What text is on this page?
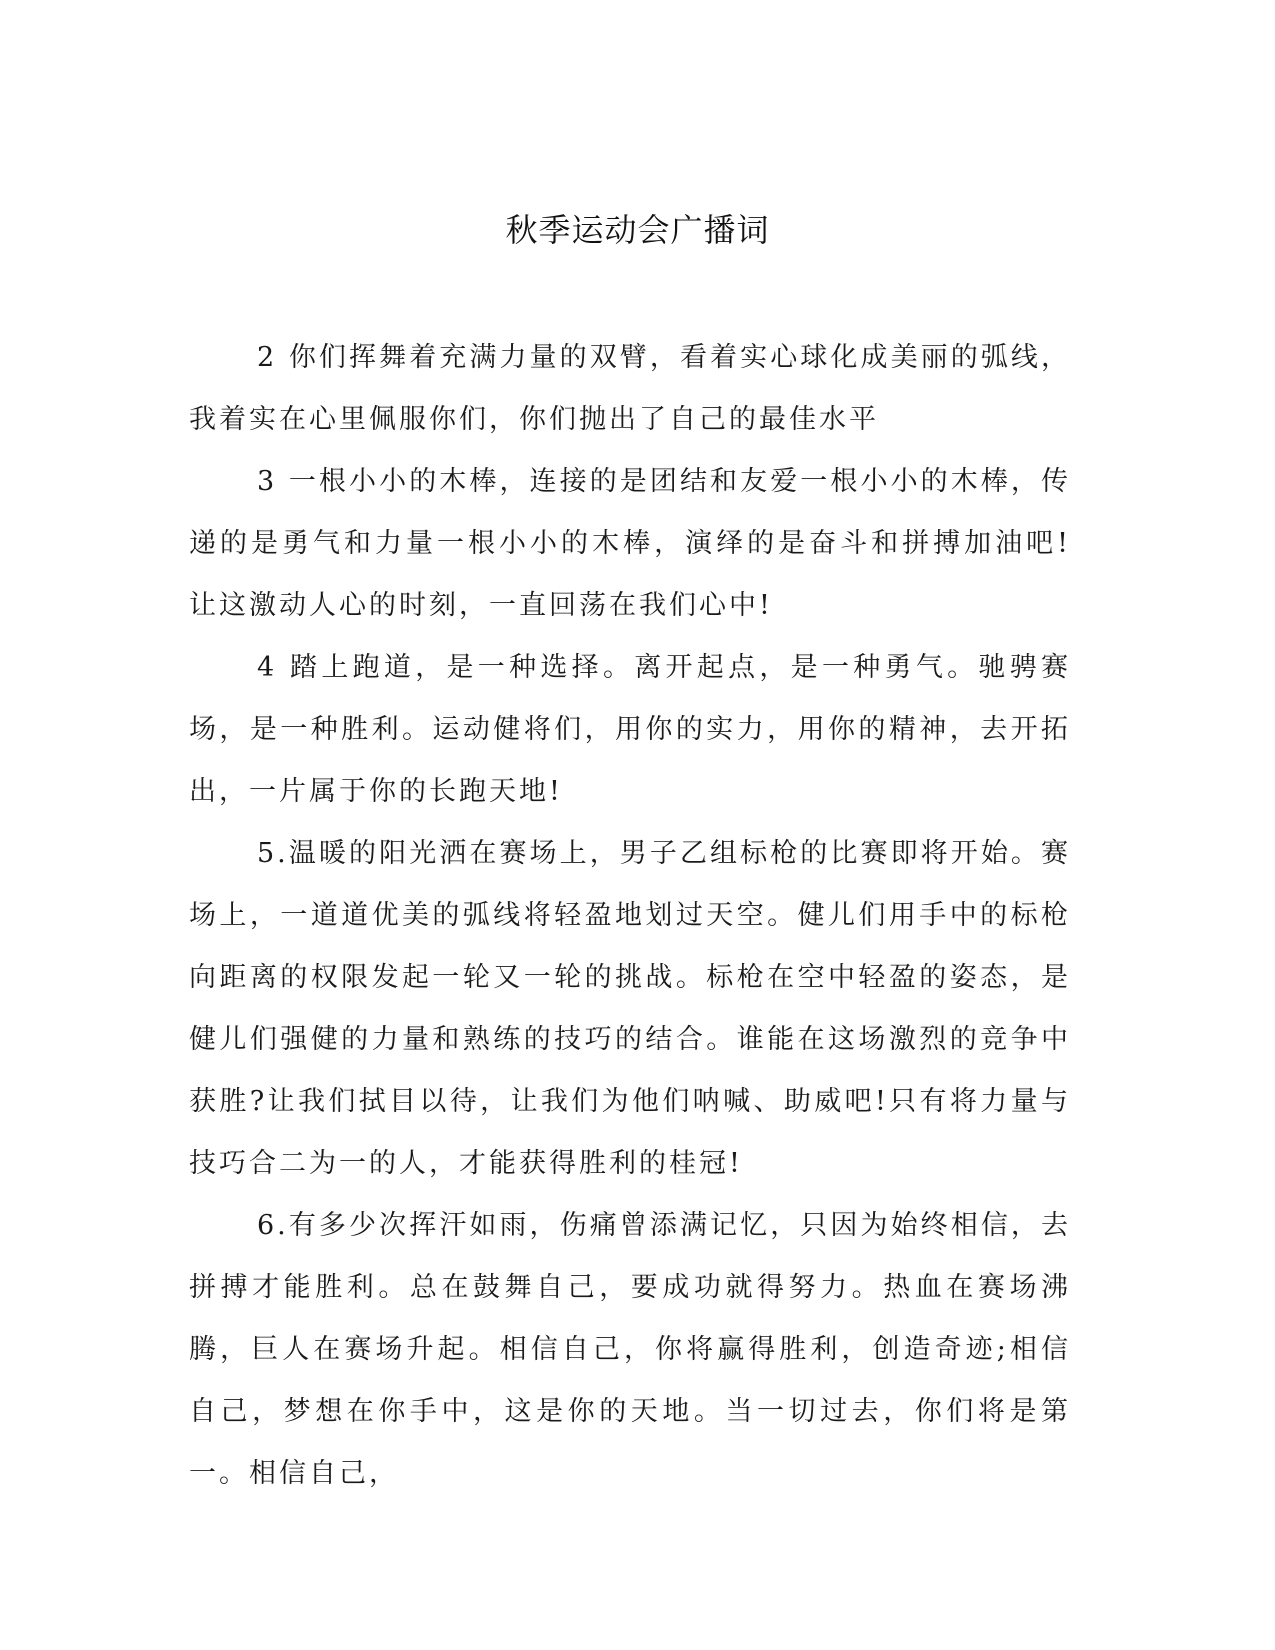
秋季运动会广播词

2 你们挥舞着充满力量的双臂，看着实心球化成美丽的弧线，我着实在心里佩服你们，你们抛出了自己的最佳水平

3 一根小小的木棒，连接的是团结和友爱一根小小的木棒，传递的是勇气和力量一根小小的木棒，演绎的是奋斗和拼搏加油吧!让这激动人心的时刻，一直回荡在我们心中!

4 踏上跑道，是一种选择。离开起点，是一种勇气。驰骋赛场，是一种胜利。运动健将们，用你的实力，用你的精神，去开拓出，一片属于你的长跑天地!

5.温暖的阳光洒在赛场上，男子乙组标枪的比赛即将开始。赛场上，一道道优美的弧线将轻盈地划过天空。健儿们用手中的标枪向距离的权限发起一轮又一轮的挑战。标枪在空中轻盈的姿态，是健儿们强健的力量和熟练的技巧的结合。谁能在这场激烈的竞争中获胜?让我们拭目以待，让我们为他们呐喊、助威吧!只有将力量与技巧合二为一的人，才能获得胜利的桂冠!

6.有多少次挥汗如雨，伤痛曾添满记忆，只因为始终相信，去拼搏才能胜利。总在鼓舞自己，要成功就得努力。热血在赛场沸腾，巨人在赛场升起。相信自己，你将赢得胜利，创造奇迹;相信自己，梦想在你手中，这是你的天地。当一切过去，你们将是第一。相信自己，
